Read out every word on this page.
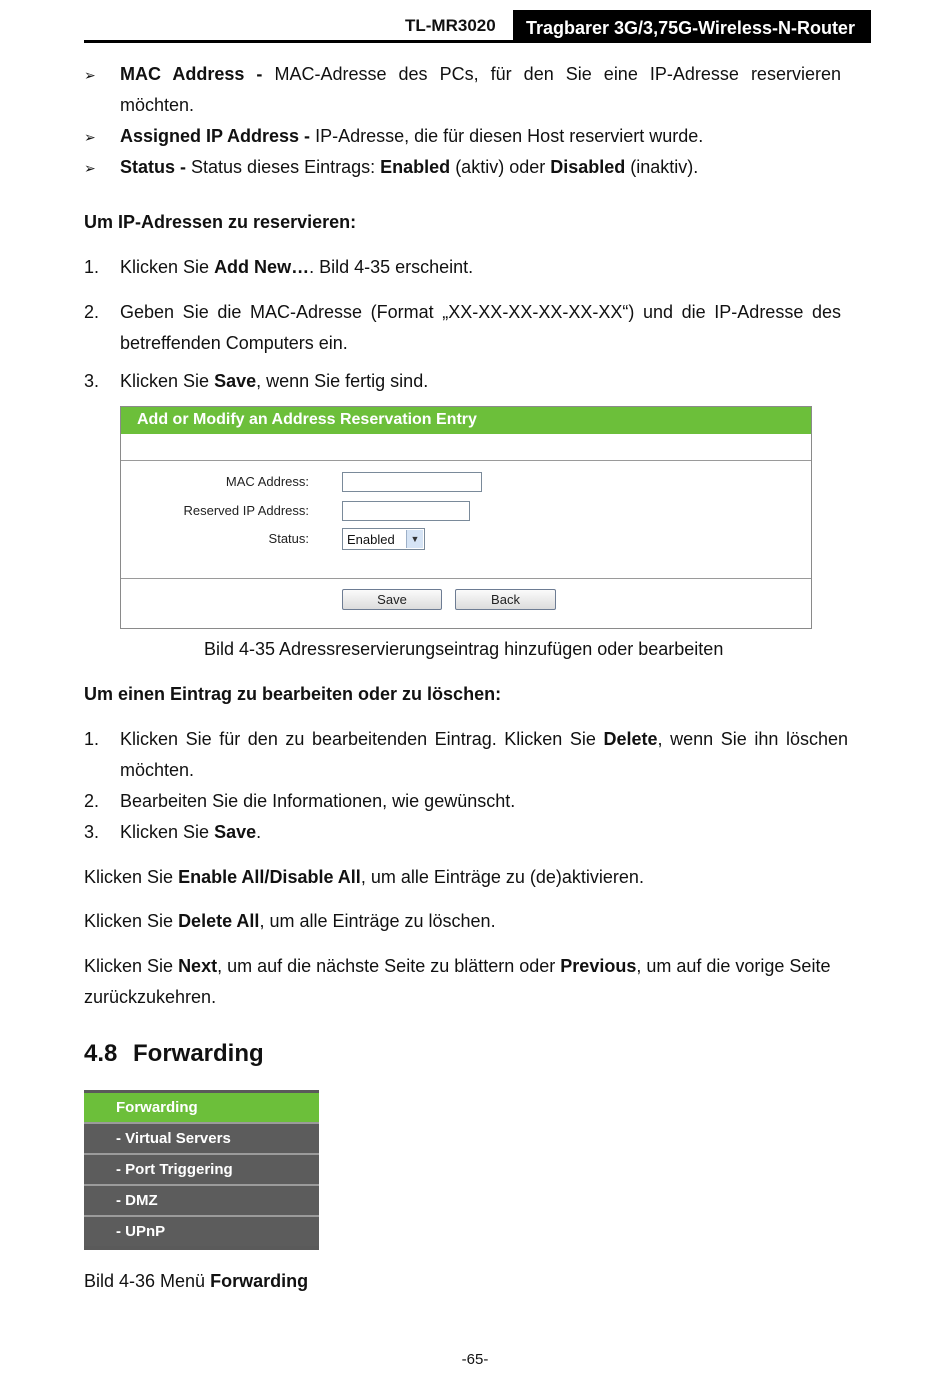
TL-MR3020 Tragbarer 3G/3,75G-Wireless-N-Router
➢ MAC Address - MAC-Adresse des PCs, für den Sie eine IP-Adresse reservieren
möchten.
➢ Assigned IP Address - IP-Adresse, die für diesen Host reserviert wurde.
➢ Status - Status dieses Eintrags: Enabled (aktiv) oder Disabled (inaktiv).
Um IP-Adressen zu reservieren:
1. Klicken Sie Add New…. Bild 4-35 erscheint.
2. Geben Sie die MAC-Adresse (Format „XX-XX-XX-XX-XX-XX“) und die IP-Adresse des
betreffenden Computers ein.
3. Klicken Sie Save, wenn Sie fertig sind.
Add or Modify an Address Reservation Entry
MAC Address:
Reserved IP Address:
Status:	Enabled	▼
Save	Back
Bild 4-35 Adressreservierungseintrag hinzufügen oder bearbeiten
Um einen Eintrag zu bearbeiten oder zu löschen:
1. Klicken Sie für den zu bearbeitenden Eintrag. Klicken Sie Delete, wenn Sie ihn löschen
möchten.
2. Bearbeiten Sie die Informationen, wie gewünscht.
3. Klicken Sie Save.
Klicken Sie Enable All/Disable All, um alle Einträge zu (de)aktivieren.
Klicken Sie Delete All, um alle Einträge zu löschen.
Klicken Sie Next, um auf die nächste Seite zu blättern oder Previous, um auf die vorige Seite
zurückzukehren.
4.8 Forwarding
Forwarding
- Virtual Servers
- Port Triggering
- DMZ
- UPnP
Bild 4-36 Menü Forwarding
-65-
